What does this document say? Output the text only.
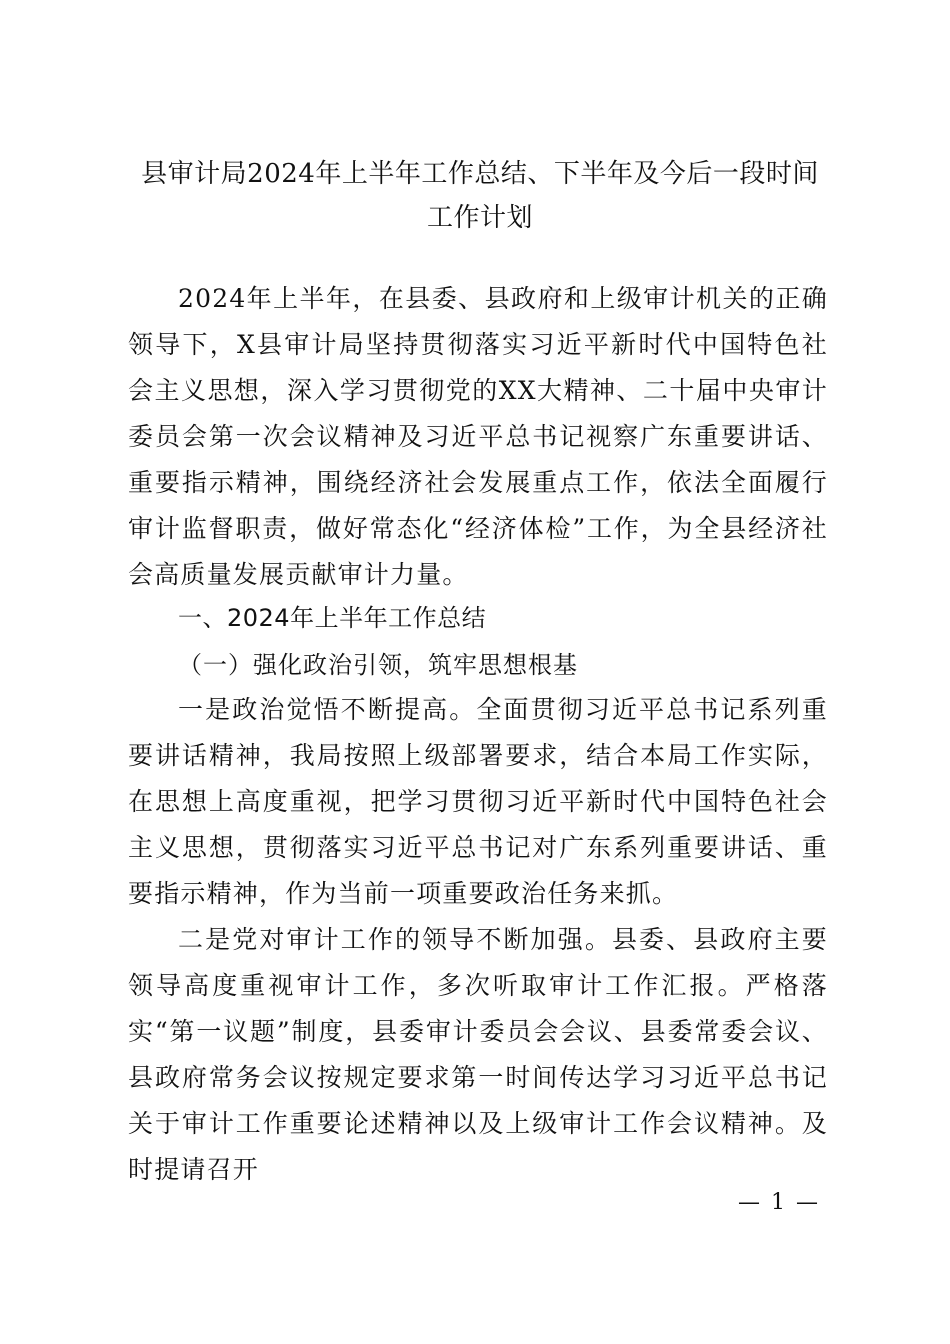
县审计局2024年上半年工作总结、下半年及今后一段时间工作计划

2024年上半年，在县委、县政府和上级审计机关的正确领导下，X县审计局坚持贯彻落实习近平新时代中国特色社会主义思想，深入学习贯彻党的XX大精神、二十届中央审计委员会第一次会议精神及习近平总书记视察广东重要讲话、重要指示精神，围绕经济社会发展重点工作，依法全面履行审计监督职责，做好常态化“经济体检”工作，为全县经济社会高质量发展贡献审计力量。

一、2024年上半年工作总结
（一）强化政治引领，筑牢思想根基

一是政治觉悟不断提高。全面贯彻习近平总书记系列重要讲话精神，我局按照上级部署要求，结合本局工作实际，在思想上高度重视，把学习贯彻习近平新时代中国特色社会主义思想，贯彻落实习近平总书记对广东系列重要讲话、重要指示精神，作为当前一项重要政治任务来抓。

二是党对审计工作的领导不断加强。县委、县政府主要领导高度重视审计工作，多次听取审计工作汇报。严格落实“第一议题”制度，县委审计委员会会议、县委常委会议、县政府常务会议按规定要求第一时间传达学习习近平总书记关于审计工作重要论述精神以及上级审计工作会议精神。及时提请召开

— 1 —
